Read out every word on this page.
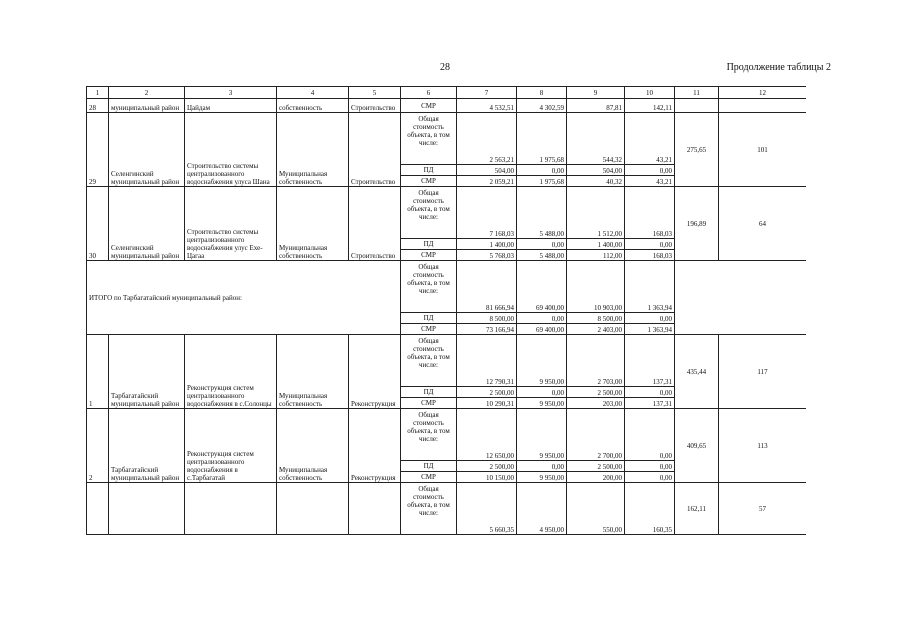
28	Продолжение таблицы 2
1	2	3	4	5	6	7	8	9	10	11	12
28	муниципальный район	Цайдам	собственность	Строительство	СМР	4 532,51	4 302,59	87,81	142,11		
29	Селенгинский муниципальный район	Строительство системы централизованного водоснабжения улуса Шана	Муниципальная собственность	Строительство	Общая стоимость объекта, в том числе:	2 563,21	1 975,68	544,32	43,21	275,65	101
					ПД	504,00	0,00	504,00	0,00		
					СМР	2 059,21	1 975,68	40,32	43,21		
30	Селенгинский муниципальный район	Строительство системы централизованного водоснабжения улус Ехе-Цагаа	Муниципальная собственность	Строительство	Общая стоимость объекта, в том числе:	7 168,03	5 488,00	1 512,00	168,03	196,89	64
					ПД	1 400,00	0,00	1 400,00	0,00		
					СМР	5 768,03	5 488,00	112,00	168,03		
ИТОГО по Тарбагатайский муниципальный район:					Общая стоимость объекта, в том числе:	81 666,94	69 400,00	10 903,00	1 363,94		
					ПД	8 500,00	0,00	8 500,00	0,00		
					СМР	73 166,94	69 400,00	2 403,00	1 363,94		
1	Тарбагатайский муниципальный район	Реконструкция систем централизованного водоснабжения в с.Солонцы	Муниципальная собственность	Реконструкция	Общая стоимость объекта, в том числе:	12 790,31	9 950,00	2 703,00	137,31	435,44	117
					ПД	2 500,00	0,00	2 500,00	0,00		
					СМР	10 290,31	9 950,00	203,00	137,31		
2	Тарбагатайский муниципальный район	Реконструкция систем централизованного водоснабжения в с.Тарбагатай	Муниципальная собственность	Реконструкция	Общая стоимость объекта, в том числе:	12 650,00	9 950,00	2 700,00	0,00	409,65	113
					ПД	2 500,00	0,00	2 500,00	0,00		
					СМР	10 150,00	9 950,00	200,00	0,00		
					Общая стоимость объекта, в том числе:	5 660,35	4 950,00	550,00	160,35	162,11	57
